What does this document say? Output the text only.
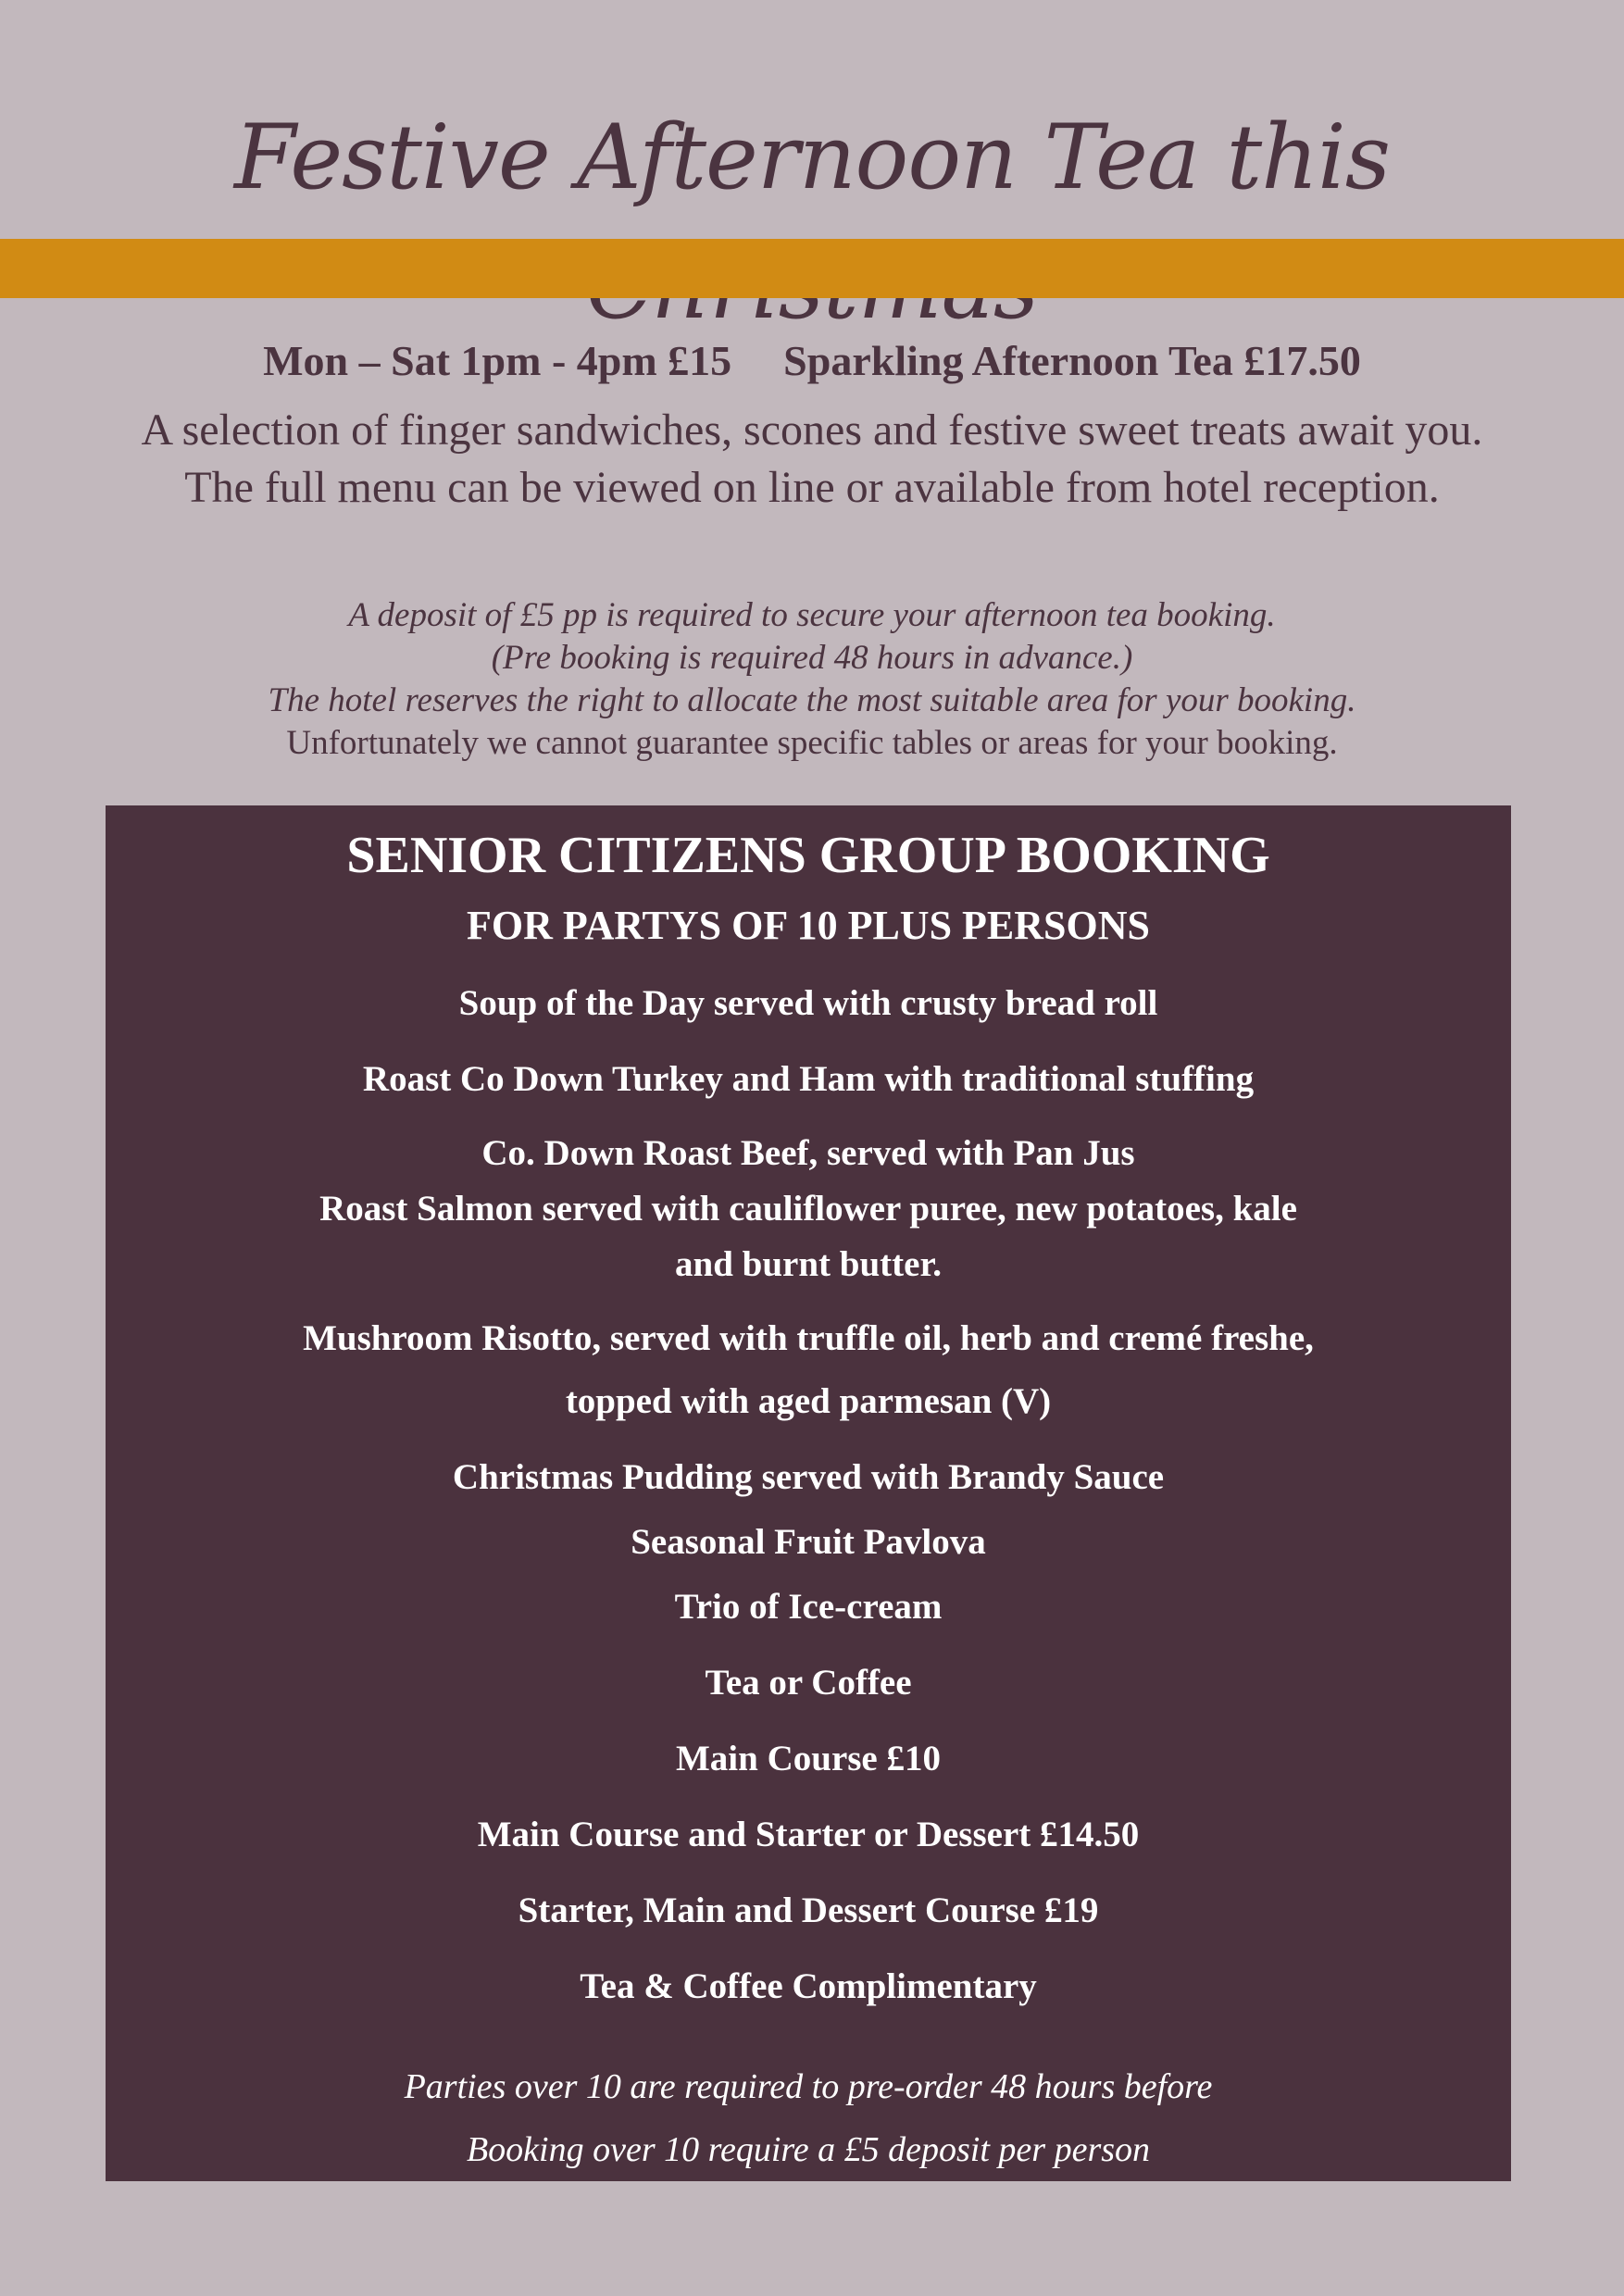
Festive Afternoon Tea this
Mon – Sat 1pm - 4pm £15 Sparkling Afternoon Tea £17.50
A selection of finger sandwiches, scones and festive sweet treats await you. The full menu can be viewed on line or available from hotel reception.
A deposit of £5 pp is required to secure your afternoon tea booking.
(Pre booking is required 48 hours in advance.)
The hotel reserves the right to allocate the most suitable area for your booking.
Unfortunately we cannot guarantee specific tables or areas for your booking.
SENIOR CITIZENS GROUP BOOKING
FOR PARTYS OF 10 PLUS PERSONS
Soup of the Day served with crusty bread roll
Roast Co Down Turkey and Ham with traditional stuffing
Co. Down Roast Beef, served with Pan Jus
Roast Salmon served with cauliflower puree, new potatoes, kale
and burnt butter.
Mushroom Risotto, served with truffle oil, herb and cremé freshe,
topped with aged parmesan (V)
Christmas Pudding served with Brandy Sauce
Seasonal Fruit Pavlova
Trio of Ice-cream
Tea or Coffee
Main Course £10
Main Course and Starter or Dessert £14.50
Starter, Main and Dessert Course £19
Tea & Coffee Complimentary
Parties over 10 are required to pre-order 48 hours before
Booking over 10 require a £5 deposit per person
